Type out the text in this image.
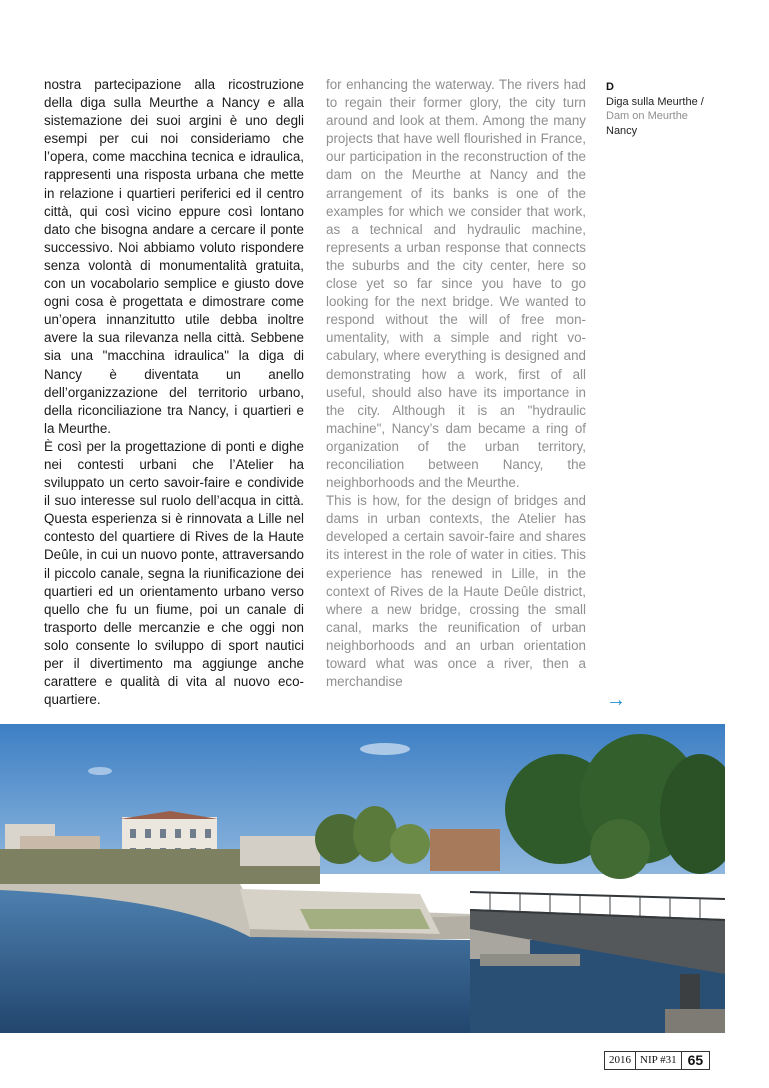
nostra partecipazione alla ricostruzione della diga sulla Meurthe a Nancy e alla sistemazione dei suoi argini è uno degli esempi per cui noi consideriamo che l’opera, come macchina tecnica e idraulica, rappresenti una risposta urbana che mette in relazione i quartieri periferici ed il centro città, qui così vicino eppure così lontano dato che bisogna andare a cercare il ponte successivo. Noi abbiamo voluto rispondere senza volontà di monumentalità gratuita, con un vocabolario semplice e giusto dove ogni cosa è progettata e dimostrare come un’opera innanzitutto utile debba inoltre avere la sua rilevanza nella città. Sebbene sia una "macchina idraulica" la diga di Nancy è diventata un anello dell’organizzazione del territorio urbano, della riconciliazione tra Nancy, i quartieri e la Meurthe.

È così per la progettazione di ponti e dighe nei contesti urbani che l’Atelier ha sviluppato un certo savoir-faire e condivide il suo interesse sul ruolo dell’acqua in città. Questa esperienza si è rinnovata a Lille nel contesto del quartiere di Rives de la Haute Deûle, in cui un nuovo ponte, attraversando il piccolo canale, segna la riunificazione dei quartieri ed un orientamento urbano verso quello che fu un fiume, poi un canale di trasporto delle mercanzie e che oggi non solo consente lo sviluppo di sport nautici per il divertimento ma aggiunge anche carattere e qualità di vita al nuovo eco-quartiere.

for enhancing the waterway. The rivers had to regain their former glory, the city turn around and look at them. Among the many projects that have well flourished in France, our participation in the reconstruction of the dam on the Meurthe at Nancy and the arrangement of its banks is one of the examples for which we consider that work, as a technical and hydraulic machine, represents a urban response that connects the suburbs and the city center, here so close yet so far since you have to go looking for the next bridge. We wanted to respond without the will of free monumentality, with a simple and right vocabulary, where everything is designed and demonstrating how a work, first of all useful, should also have its importance in the city. Although it is an "hydraulic machine", Nancy’s dam became a ring of organization of the urban territory, reconciliation between Nancy, the neighborhoods and the Meurthe.

This is how, for the design of bridges and dams in urban contexts, the Atelier has developed a certain savoir-faire and shares its interest in the role of water in cities. This experience has renewed in Lille, in the context of Rives de la Haute Deûle district, where a new bridge, crossing the small canal, marks the reunification of urban neighborhoods and an urban orientation toward what was once a river, then a merchandise

D
Diga sulla Meurthe /
Dam on Meurthe
Nancy
→
2016 NIP #31 65
